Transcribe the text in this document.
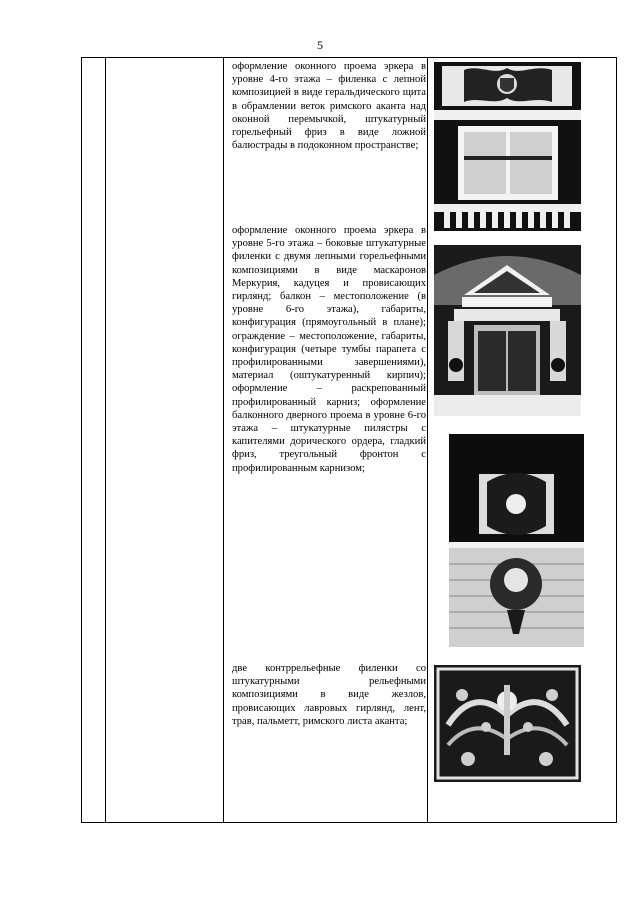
5
оформление оконного проема эркера в уровне 4-го этажа – филенка с лепной композицией в виде геральдического щита в обрамлении веток римского аканта над оконной перемычкой, штукатурный горельефный фриз в виде ложной балюстрады в подоконном пространстве;
оформление оконного проема эркера в уровне 5-го этажа – боковые штукатурные филенки с двумя лепными горельефными композициями в виде маскаронов Меркурия, кадуцея и провисающих гирлянд; балкон – местоположение (в уровне 6-го этажа), габариты, конфигурация (прямоугольный в плане); ограждение – местоположение, габариты, конфигурация (четыре тумбы парапета с профилированными завершениями), материал (оштукатуренный кирпич); оформление – раскрепованный профилированный карниз; оформление балконного дверного проема в уровне 6-го этажа – штукатурные пилястры с капителями дорического ордера, гладкий фриз, треугольный фронтон с профилированным карнизом;
две контррельефные филенки со штукатурными рельефными композициями в виде жезлов, провисающих лавровых гирлянд, лент, трав, пальметт, римского листа аканта;
